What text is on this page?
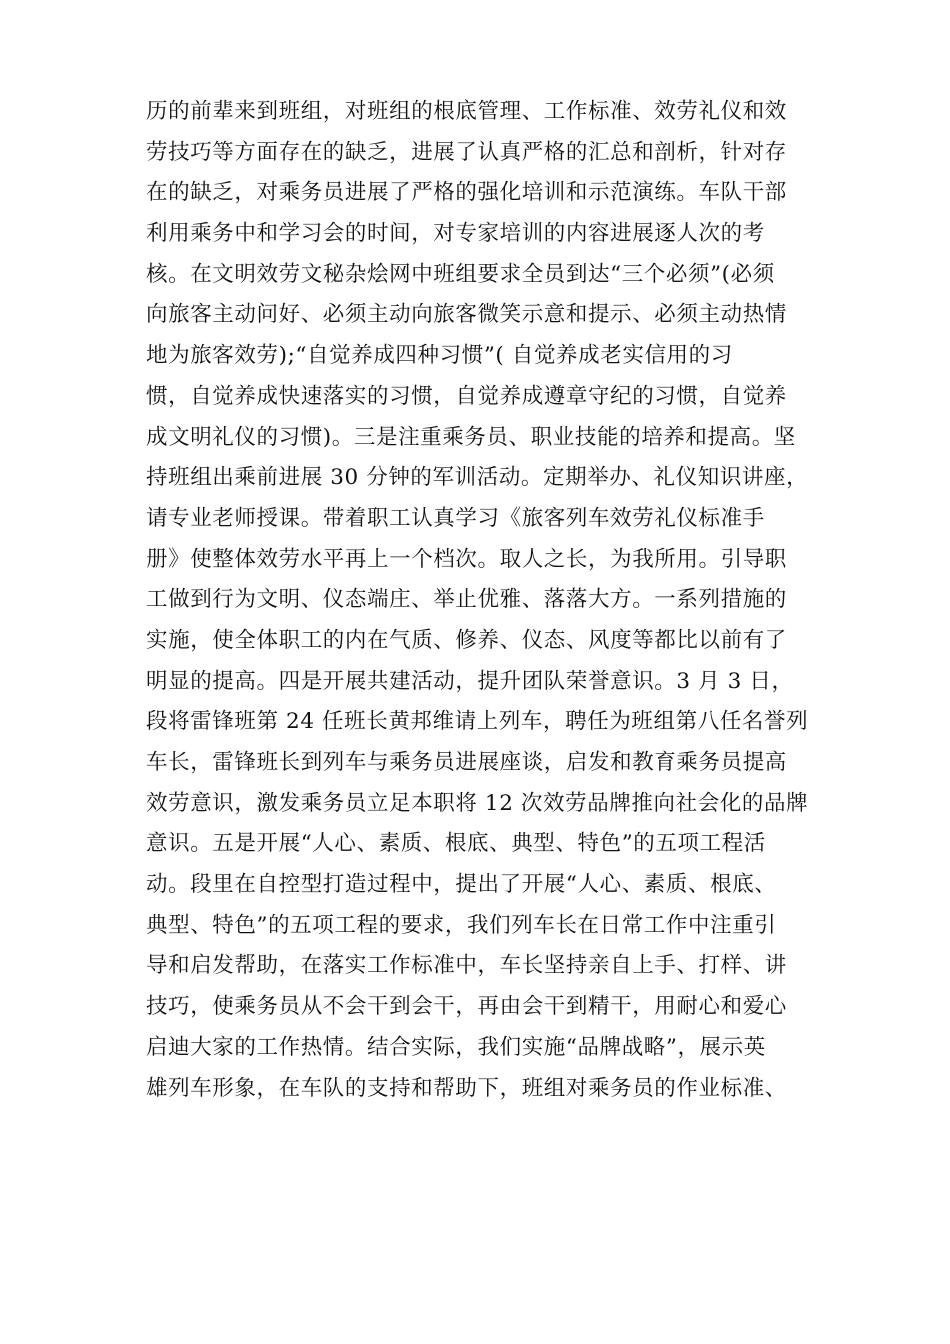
历的前辈来到班组，对班组的根底管理、工作标准、效劳礼仪和效
劳技巧等方面存在的缺乏，进展了认真严格的汇总和剖析，针对存
在的缺乏，对乘务员进展了严格的强化培训和示范演练。车队干部
利用乘务中和学习会的时间，对专家培训的内容进展逐人次的考
核。在文明效劳文秘杂烩网中班组要求全员到达“三个必须”(必须
向旅客主动问好、必须主动向旅客微笑示意和提示、必须主动热情
地为旅客效劳);“自觉养成四种习惯”( 自觉养成老实信用的习
惯，自觉养成快速落实的习惯，自觉养成遵章守纪的习惯，自觉养
成文明礼仪的习惯)。三是注重乘务员、职业技能的培养和提高。坚
持班组出乘前进展 30 分钟的军训活动。定期举办、礼仪知识讲座，
请专业老师授课。带着职工认真学习《旅客列车效劳礼仪标准手
册》使整体效劳水平再上一个档次。取人之长，为我所用。引导职
工做到行为文明、仪态端庄、举止优雅、落落大方。一系列措施的
实施，使全体职工的内在气质、修养、仪态、风度等都比以前有了
明显的提高。四是开展共建活动，提升团队荣誉意识。3 月 3 日，
段将雷锋班第 24 任班长黄邦维请上列车，聘任为班组第八任名誉列
车长，雷锋班长到列车与乘务员进展座谈，启发和教育乘务员提高
效劳意识，激发乘务员立足本职将 12 次效劳品牌推向社会化的品牌
意识。五是开展“人心、素质、根底、典型、特色”的五项工程活
动。段里在自控型打造过程中，提出了开展“人心、素质、根底、
典型、特色”的五项工程的要求，我们列车长在日常工作中注重引
导和启发帮助，在落实工作标准中，车长坚持亲自上手、打样、讲
技巧，使乘务员从不会干到会干，再由会干到精干，用耐心和爱心
启迪大家的工作热情。结合实际，我们实施“品牌战略”，展示英
雄列车形象，在车队的支持和帮助下，班组对乘务员的作业标准、
